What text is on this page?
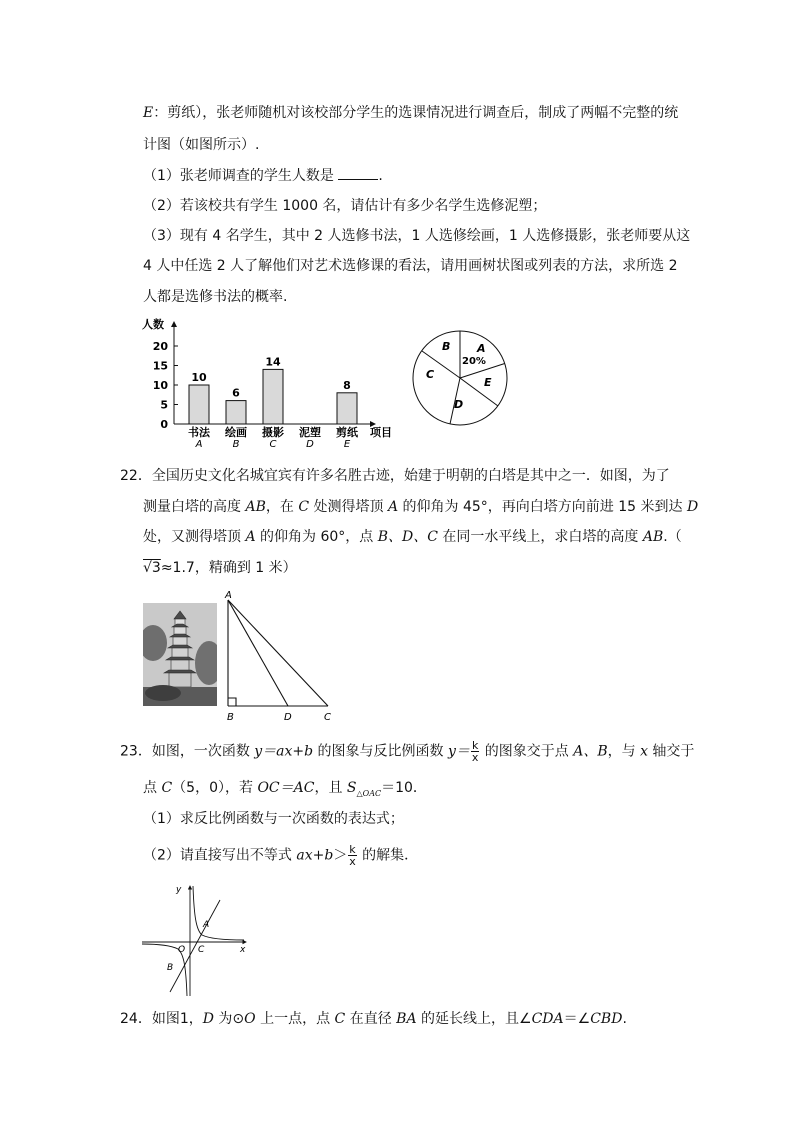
E：剪纸），张老师随机对该校部分学生的选课情况进行调查后，制成了两幅不完整的统
计图（如图所示）.
（1）张老师调查的学生人数是	.
（2）若该校共有学生 1000 名，请估计有多少名学生选修泥塑；
（3）现有 4 名学生，其中 2 人选修书法，1 人选修绘画，1 人选修摄影，张老师要从这
4 人中任选 2 人了解他们对艺术选修课的看法，请用画树状图或列表的方法，求所选 2
人都是选修书法的概率.
人数
项目
0
5
10
15
20
10
书法
A
6
绘画
B
14
摄影
C
泥塑
D
8
剪纸
E
A
20%
B
C
D
E
22．全国历史文化名城宜宾有许多名胜古迹，始建于明朝的白塔是其中之一．如图，为了
测量白塔的高度 AB，在 C 处测得塔顶 A 的仰角为 45°，再向白塔方向前进 15 米到达 D
处，又测得塔顶 A 的仰角为 60°，点 B、D、C 在同一水平线上，求白塔的高度 AB.（
√3≈1.7，精确到 1 米）
A
B	D	C
23．如图，一次函数 y＝ax+b 的图象与反比例函数 $y= \frac{k}{x}$ 的图象交于点 A、B，与 x 轴交于
点 C（5，0），若 OC＝AC，且 $S_{\triangle OAC}=10$．
（1）求反比例函数与一次函数的表达式；
（2）请直接写出不等式 $ax+b> \frac{k}{x}$ 的解集．
y
A
O C	x
B
24．如图1，D 为⊙O 上一点，点 C 在直径 BA 的延长线上，且∠CDA＝∠CBD.
